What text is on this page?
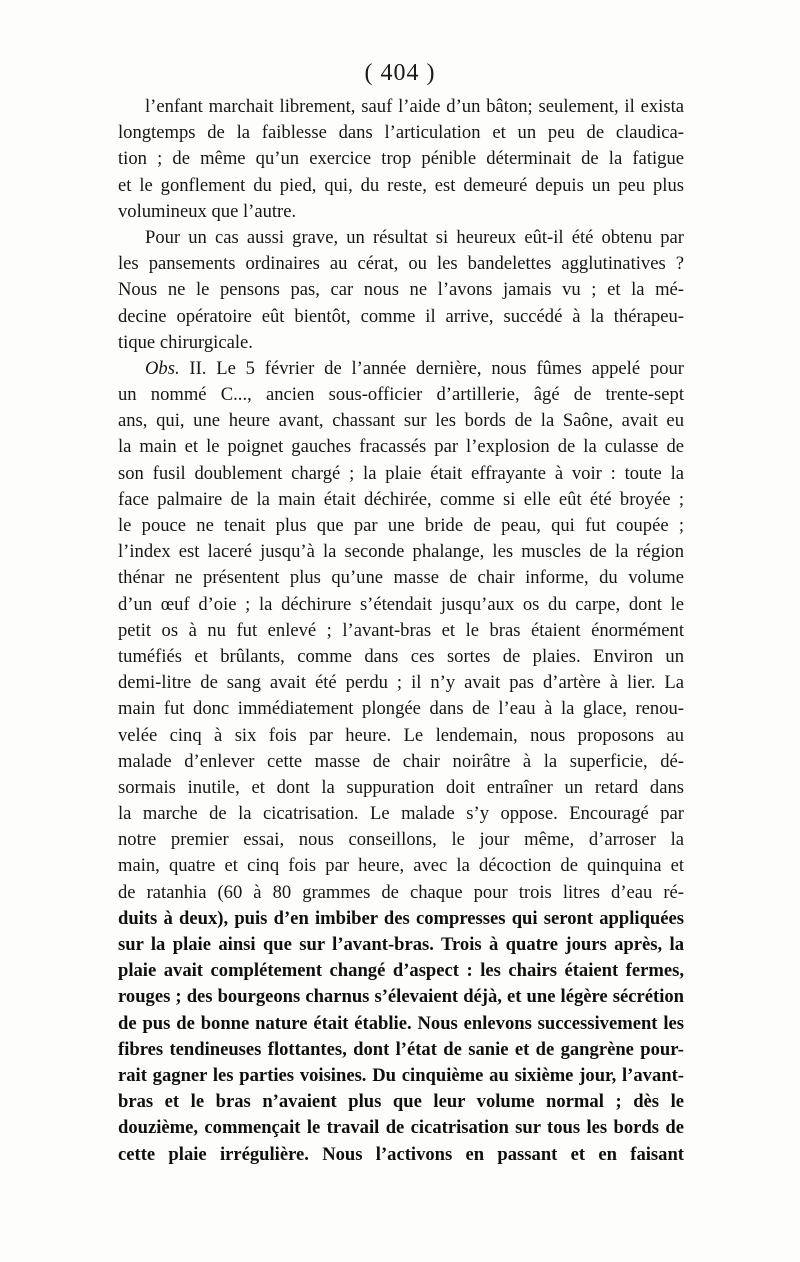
( 404 )
l’enfant marchait librement, sauf l’aide d’un bâton; seulement, il exista
longtemps de la faiblesse dans l’articulation et un peu de claudica-
tion ; de même qu’un exercice trop pénible déterminait de la fatigue
et le gonflement du pied, qui, du reste, est demeuré depuis un peu plus
volumineux que l’autre.
Pour un cas aussi grave, un résultat si heureux eût-il été obtenu par
les pansements ordinaires au cérat, ou les bandelettes agglutinatives ?
Nous ne le pensons pas, car nous ne l’avons jamais vu ; et la mé-
decine opératoire eût bientôt, comme il arrive, succédé à la thérapeu-
tique chirurgicale.
Obs. II. Le 5 février de l’année dernière, nous fûmes appelé pour
un nommé C..., ancien sous-officier d’artillerie, âgé de trente-sept
ans, qui, une heure avant, chassant sur les bords de la Saône, avait eu
la main et le poignet gauches fracassés par l’explosion de la culasse de
son fusil doublement chargé ; la plaie était effrayante à voir : toute la
face palmaire de la main était déchirée, comme si elle eût été broyée ;
le pouce ne tenait plus que par une bride de peau, qui fut coupée ;
l’index est laceré jusqu’à la seconde phalange, les muscles de la région
thénar ne présentent plus qu’une masse de chair informe, du volume
d’un œuf d’oie ; la déchirure s’étendait jusqu’aux os du carpe, dont le
petit os à nu fut enlevé ; l’avant-bras et le bras étaient énormément
tuméfiés et brûlants, comme dans ces sortes de plaies. Environ un
demi-litre de sang avait été perdu ; il n’y avait pas d’artère à lier. La
main fut donc immédiatement plongée dans de l’eau à la glace, renou-
velée cinq à six fois par heure. Le lendemain, nous proposons au
malade d’enlever cette masse de chair noirâtre à la superficie, dé-
sormais inutile, et dont la suppuration doit entraîner un retard dans
la marche de la cicatrisation. Le malade s’y oppose. Encouragé par
notre premier essai, nous conseillons, le jour même, d’arroser la
main, quatre et cinq fois par heure, avec la décoction de quinquina et
de ratanhia (60 à 80 grammes de chaque pour trois litres d’eau ré-
duits à deux), puis d’en imbiber des compresses qui seront appliquées
sur la plaie ainsi que sur l’avant-bras. Trois à quatre jours après, la
plaie avait complétement changé d’aspect : les chairs étaient fermes,
rouges ; des bourgeons charnus s’élevaient déjà, et une légère sécrétion
de pus de bonne nature était établie. Nous enlevons successivement les
fibres tendineuses flottantes, dont l’état de sanie et de gangrène pour-
rait gagner les parties voisines. Du cinquième au sixième jour, l’avant-
bras et le bras n’avaient plus que leur volume normal ; dès le
douzième, commençait le travail de cicatrisation sur tous les bords de
cette plaie irrégulière. Nous l’activons en passant et en faisant
